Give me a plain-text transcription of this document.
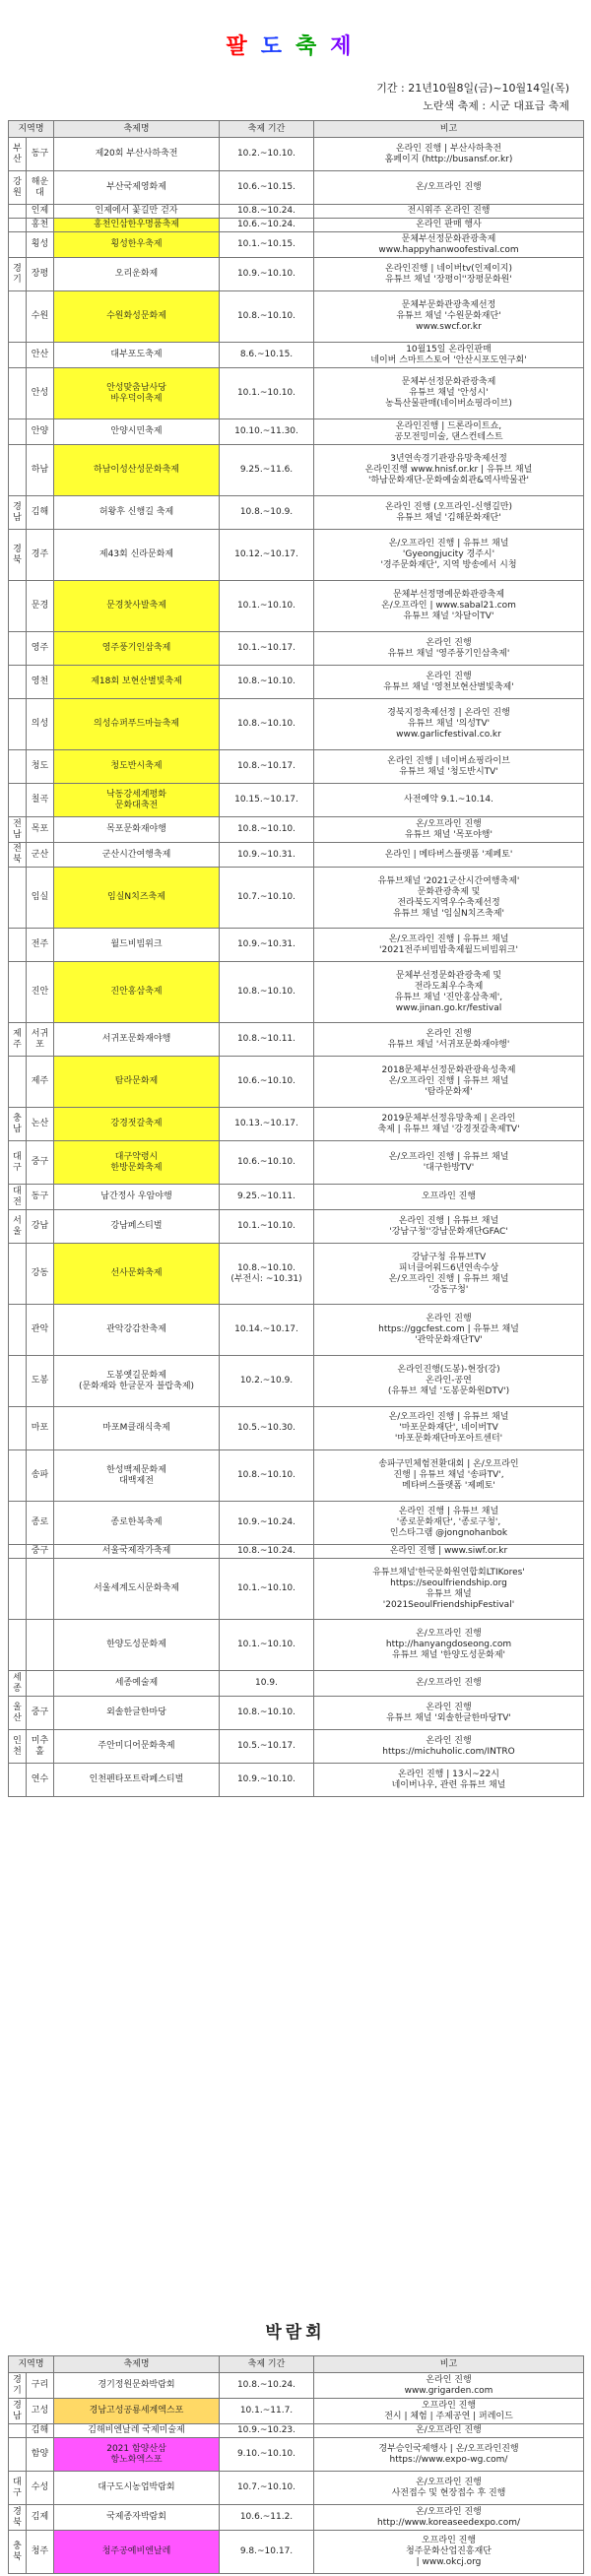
팔도축제
기간 : 21년10월8일(금)~10월14일(목)
노란색 축제 : 시군 대표급 축제
지역명		축제명	축제 기간	비고
부산	동구	제20회 부산사하축전	10.2.~10.10.	온라인 진행 | 부산사하축전
홈페이지 (http://busansf.or.kr)
강원	해운대	부산국제영화제	10.6.~10.15.	온/오프라인 진행
	인제	인제에서 꽃길만 걷자	10.8.~10.24.	전시위주 온라인 진행
	홍천	홍천인삼한우명품축제	10.6.~10.24.	온라인 판매 행사
	횡성	횡성한우축제	10.1.~10.15.	문체부선정문화관광축제
www.happyhanwoofestival.com
경기	장평	오리운화제	10.9.~10.10.	온라인진행 | 네이버tv(인제이지)
유튜브 채널 '장평이''장평문화원'
	수원	수원화성문화제	10.8.~10.10.	문체부문화관광축제선정
유튜브 채널 '수원문화재단'
www.swcf.or.kr
	안산	대부포도축제	8.6.~10.15.	10월15일 온라인판매
네이버 스마트스토어 '안산시포도연구회'
	안성	안성맞춤남사당
바우덕이축제	10.1.~10.10.	문체부선정문화관광축제
유튜브 채널 '안성시'
농특산물판매(네이버쇼핑라이브)
	안양	안양시민축제	10.10.~11.30.	온라인진행 | 드론라이트쇼,
공모전밍미술, 댄스컨테스트
	하남	하남이성산성문화축제	9.25.~11.6.	3년연속경기관광유망축제선정
온라인진행 www.hnisf.or.kr | 유튜브 채널
'하남문화재단-문화예술회관&역사박물관'
경남	김해	허왕후 신행길 축제	10.8.~10.9.	온라인 진행 (오프라인-신행길만)
유튜브 채널 '김해문화재단'
경북	경주	제43회 신라문화제	10.12.~10.17.	온/오프라인 진행 | 유튜브 채널
'Gyeongjucity 경주시'
'경주문화재단', 지역 방송에서 시청
	문경	문경찻사발축제	10.1.~10.10.	문체부선정명예문화관광축제
온/오프라인 | www.sabal21.com
유튜브 채널 '차달이TV'
	영주	영주풍기인삼축제	10.1.~10.17.	온라인 진행
유튜브 채널 '영주풍기인삼축제'
	영천	제18회 보현산별빛축제	10.8.~10.10.	온라인 진행
유튜브 채널 '영천보현산별빛축제'
	의성	의성슈퍼푸드마늘축제	10.8.~10.10.	경북지정축제선정 | 온라인 진행
유튜브 채널 '의성TV'
www.garlicfestival.co.kr
	청도	청도반시축제	10.8.~10.17.	온라인 진행 | 네이버쇼핑라이브
유튜브 채널 '청도반시TV'
	칠곡	낙동강세계평화
문화대축전	10.15.~10.17.	사전예약 9.1.~10.14.
전남	목포	목포문화재야행	10.8.~10.10.	온/오프라인 진행
유튜브 채널 '목포야행'
전북	군산	군산시간여행축제	10.9.~10.31.	온라인 | 메타버스플랫폼 '제페토'
	임실	임실N치즈축제	10.7.~10.10.	유튜브채널 '2021군산시간여행축제'
문화관광축제 및
전라북도지역우수축제선정
유튜브 채널 '임실N치즈축제'
	전주	월드비빔위크	10.9.~10.31.	온/오프라인 진행 | 유튜브 채널
'2021전주비빔밥축제월드비빔위크'
	진안	진안홍삼축제	10.8.~10.10.	문체부선정문화관광축제 및
전라도최우수축제
유튜브 채널 '진안홍삼축제',
www.jinan.go.kr/festival
제주	서귀포	서귀포문화재야행	10.8.~10.11.	온라인 진행
유튜브 채널 '서귀포문화재야행'
	제주	탐라문화제	10.6.~10.10.	2018문체부선정문화관광육성축제
온/오프라인 진행 | 유튜브 채널
'탐라문화제'
충남	논산	강경젓갈축제	10.13.~10.17.	2019문체부선정유망축제 | 온라인
축제 | 유튜브 채널 '강경젓갈축제TV'
대구	중구	대구약령시
한방문화축제	10.6.~10.10.	온/오프라인 진행 | 유튜브 채널
'대구한방TV'
대전	동구	남간정사 우암야행	9.25.~10.11.	오프라인 진행
서울	강남	강남페스티벌	10.1.~10.10.	온라인 진행 | 유튜브 채널
'강남구청''강남문화재단GFAC'
	강동	선사문화축제	10.8.~10.10.
(부전시: ~10.31)	강남구청 유튜브TV
피너클어워드6년연속수상
온/오프라인 진행 | 유튜브 채널
'강동구청'
	관악	관악강감찬축제	10.14.~10.17.	온라인 진행
https://ggcfest.com | 유튜브 채널
'관악문화재단TV'
	도봉	도봉옛길문화제
(문화재와 한글문자 블랍축제)	10.2.~10.9.	온라인진행(도봉)-현장(강)
온라인-공연
(유튜브 채널 '도봉문화원DTV')
	마포	마포M클래식축제	10.5.~10.30.	온/오프라인 진행 | 유튜브 채널
'마포문화재단', 네이버TV
'마포문화재단마포아트센터'
	송파	한성백제문화제
대백제전	10.8.~10.10.	송파구민체험전환대회 | 온/오프라인
진행 | 유튜브 채널 '송파TV',
메타버스플랫폼 '제페토'
	종로	종로한복축제	10.9.~10.24.	온라인 진행 | 유튜브 채널
'종로문화재단', '종로구청',
인스타그램 @jongnohanbok
	중구	서울국제작가축제	10.8.~10.24.	온라인 진행 | www.siwf.or.kr
		서울세계도시문화축제	10.1.~10.10.	유튜브채널'한국문화원연합회LTIKores'
https://seoulfriendship.org
유튜브 채널
'2021SeoulFriendshipFestival'
		한양도성문화제	10.1.~10.10.	온/오프라인 진행
http://hanyangdoseong.com
유튜브 채널 '한양도성문화제'
세종		세종예술제	10.9.	온/오프라인 진행
울산	중구	외솔한글한마당	10.8.~10.10.	온라인 진행
유튜브 채널 '외솔한글한마당TV'
인천	미추홀	주안미디어문화축제	10.5.~10.17.	온라인 진행
https://michuholic.com/INTRO
	연수	인천펜타포트락페스티벌	10.9.~10.10.	온라인 진행 | 13시~22시
네이버나우, 관련 유튜브 채널
박람회
지역명		축제명	축제 기간	비고
경기	구리	경기정원문화박람회	10.8.~10.24.	온라인 진행
www.grigarden.com
경남	고성	경남고성공룡세계엑스포	10.1.~11.7.	오프라인 진행
전시 | 체험 | 주제공연 | 퍼레이드
	김해	김해비엔날레 국제미술제	10.9.~10.23.	온/오프라인 진행
	함양	2021 함양산삼
항노화엑스포	9.10.~10.10.	경부승인국제행사 | 온/오프라인진행
https://www.expo-wg.com/
대구	수성	대구도시농업박람회	10.7.~10.10.	온/오프라인 진행
사전접수 및 현장접수 후 진행
경북	김제	국제종자박람회	10.6.~11.2.	온/오프라인 진행
http://www.koreaseedexpo.com/
충북	청주	청주공예비엔날레	9.8.~10.17.	오프라인 진행
청주문화산업진흥재단
| www.okcj.org
